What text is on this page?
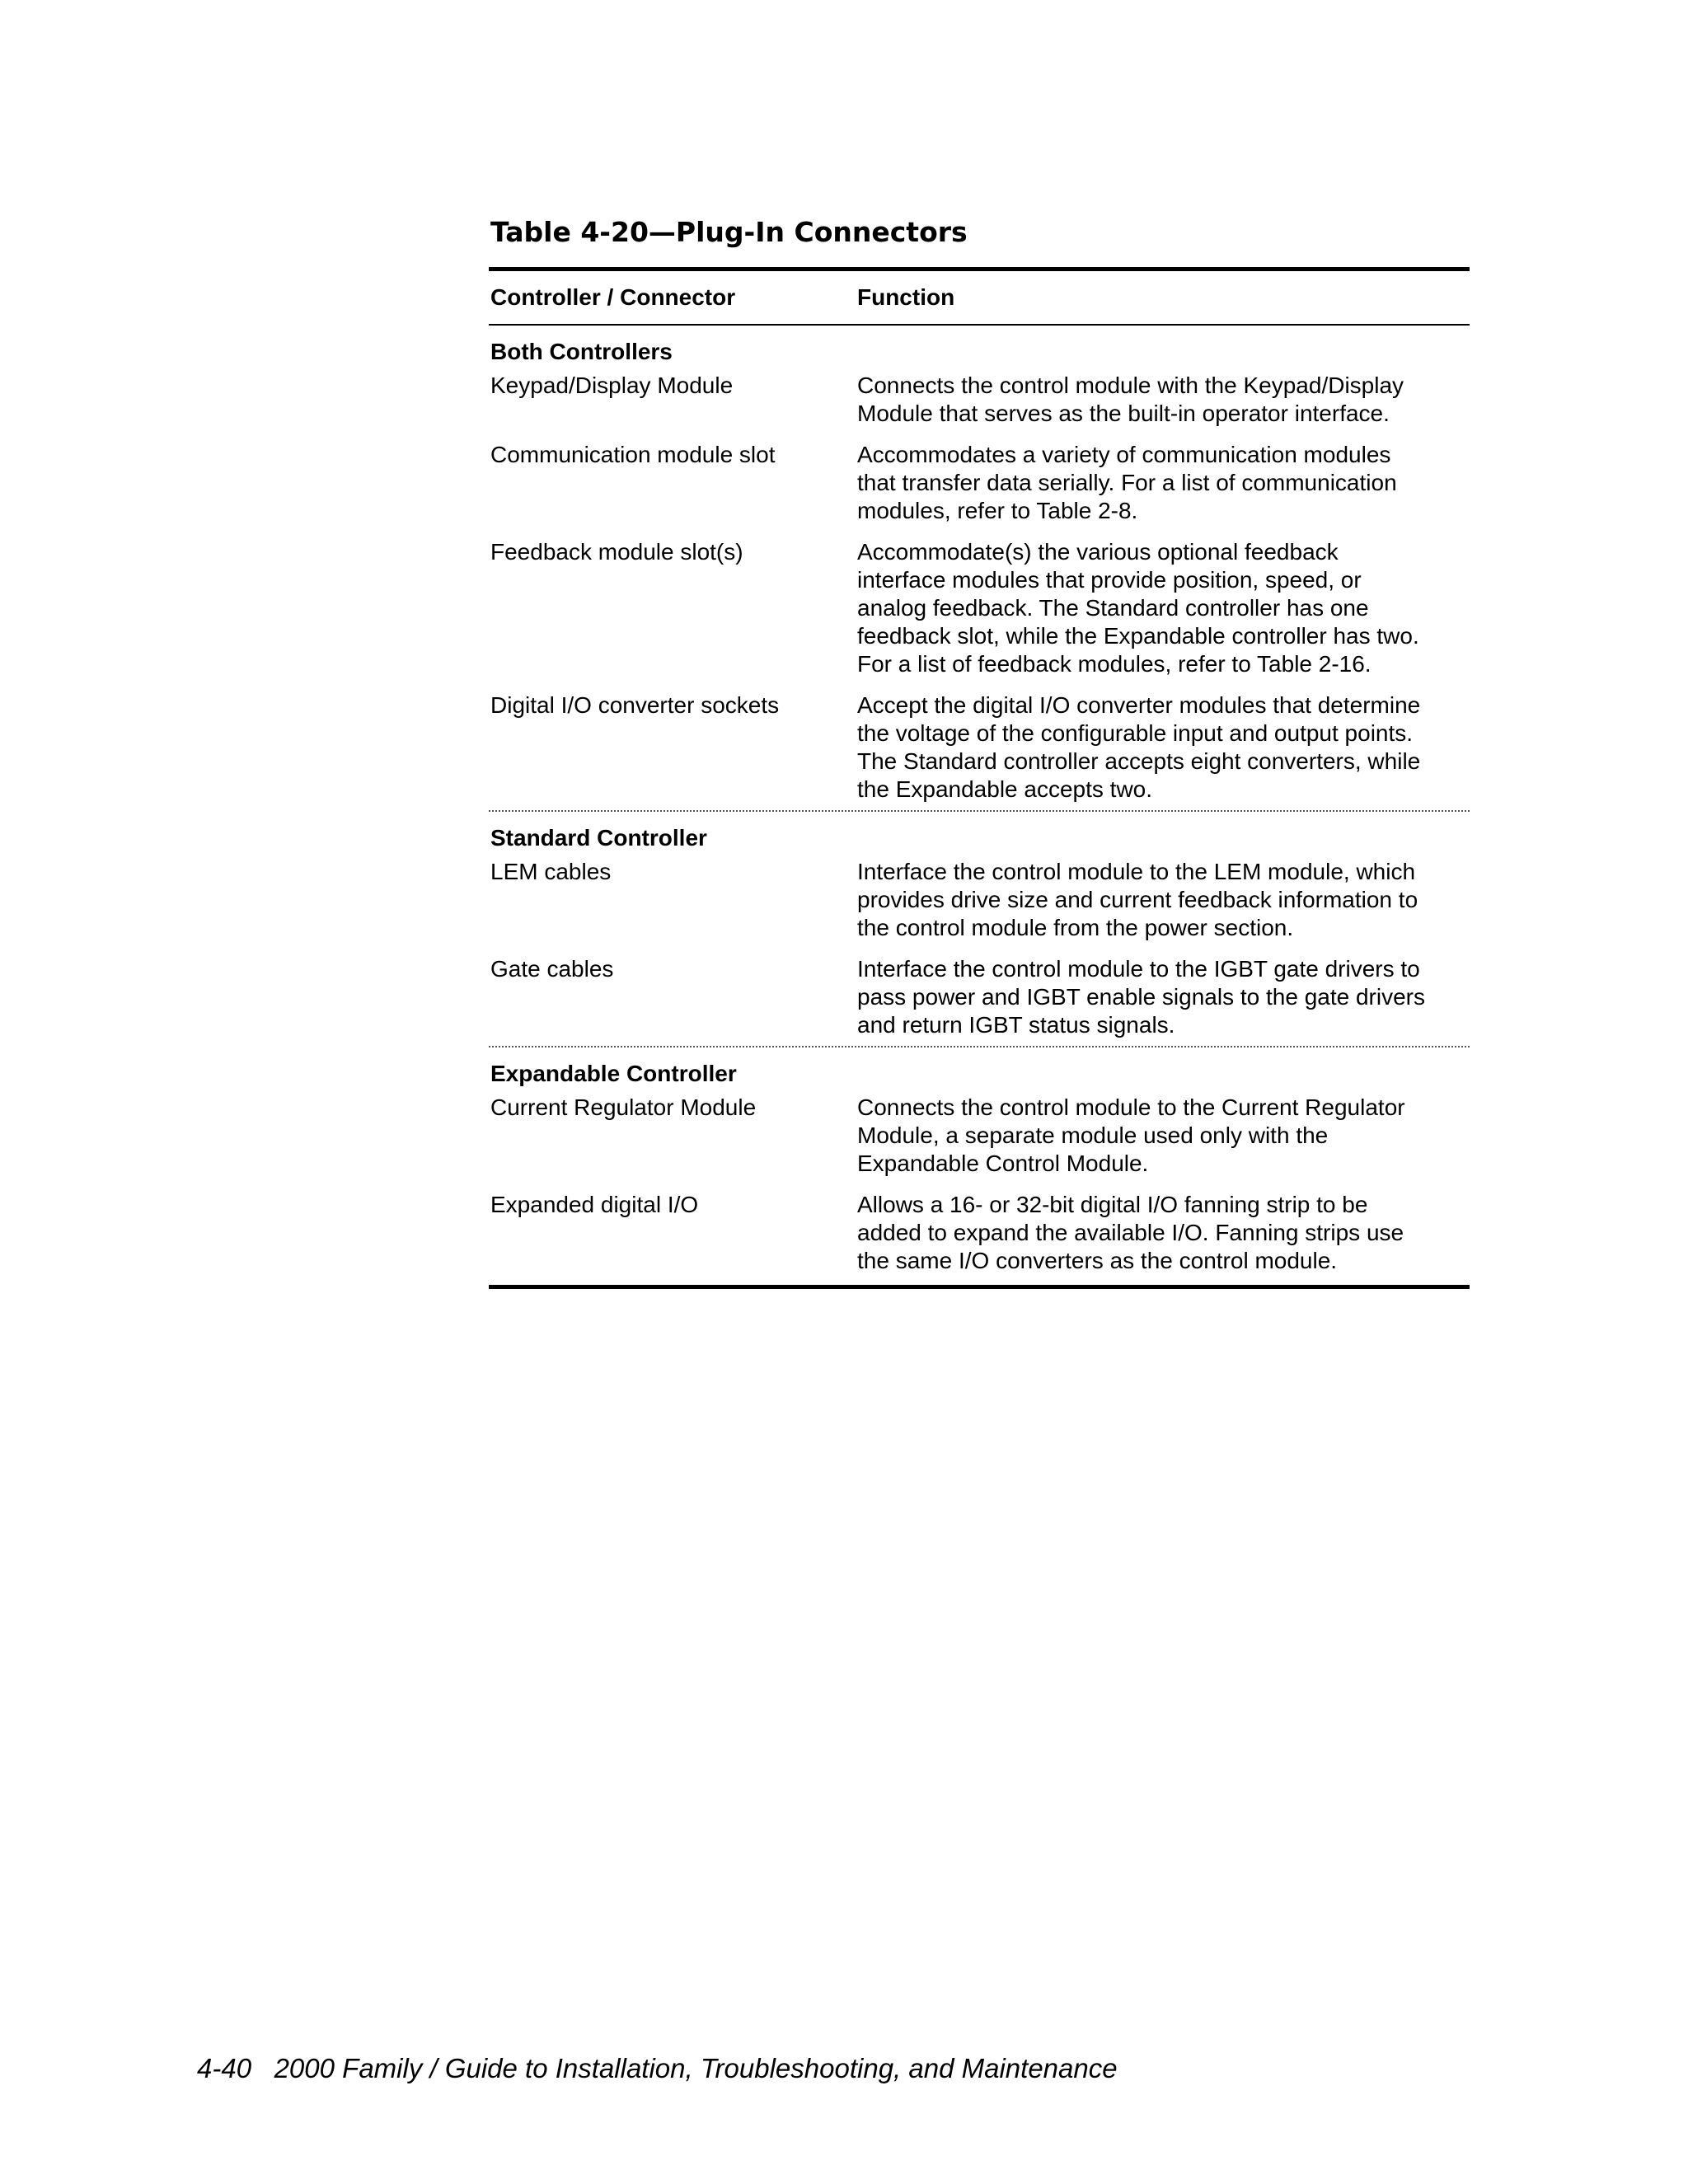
Table 4-20—Plug-In Connectors
Controller / Connector	Function
Both Controllers
Keypad/Display Module	Connects the control module with the Keypad/Display
Module that serves as the built-in operator interface.
Communication module slot	Accommodates a variety of communication modules
that transfer data serially. For a list of communication
modules, refer to Table 2-8.
Feedback module slot(s)	Accommodate(s) the various optional feedback
interface modules that provide position, speed, or
analog feedback. The Standard controller has one
feedback slot, while the Expandable controller has two.
For a list of feedback modules, refer to Table 2-16.
Digital I/O converter sockets	Accept the digital I/O converter modules that determine
the voltage of the configurable input and output points.
The Standard controller accepts eight converters, while
the Expandable accepts two.
Standard Controller
LEM cables	Interface the control module to the LEM module, which
provides drive size and current feedback information to
the control module from the power section.
Gate cables	Interface the control module to the IGBT gate drivers to
pass power and IGBT enable signals to the gate drivers
and return IGBT status signals.
Expandable Controller
Current Regulator Module	Connects the control module to the Current Regulator
Module, a separate module used only with the
Expandable Control Module.
Expanded digital I/O	Allows a 16- or 32-bit digital I/O fanning strip to be
added to expand the available I/O. Fanning strips use
the same I/O converters as the control module.
4-40 2000 Family / Guide to Installation, Troubleshooting, and Maintenance
